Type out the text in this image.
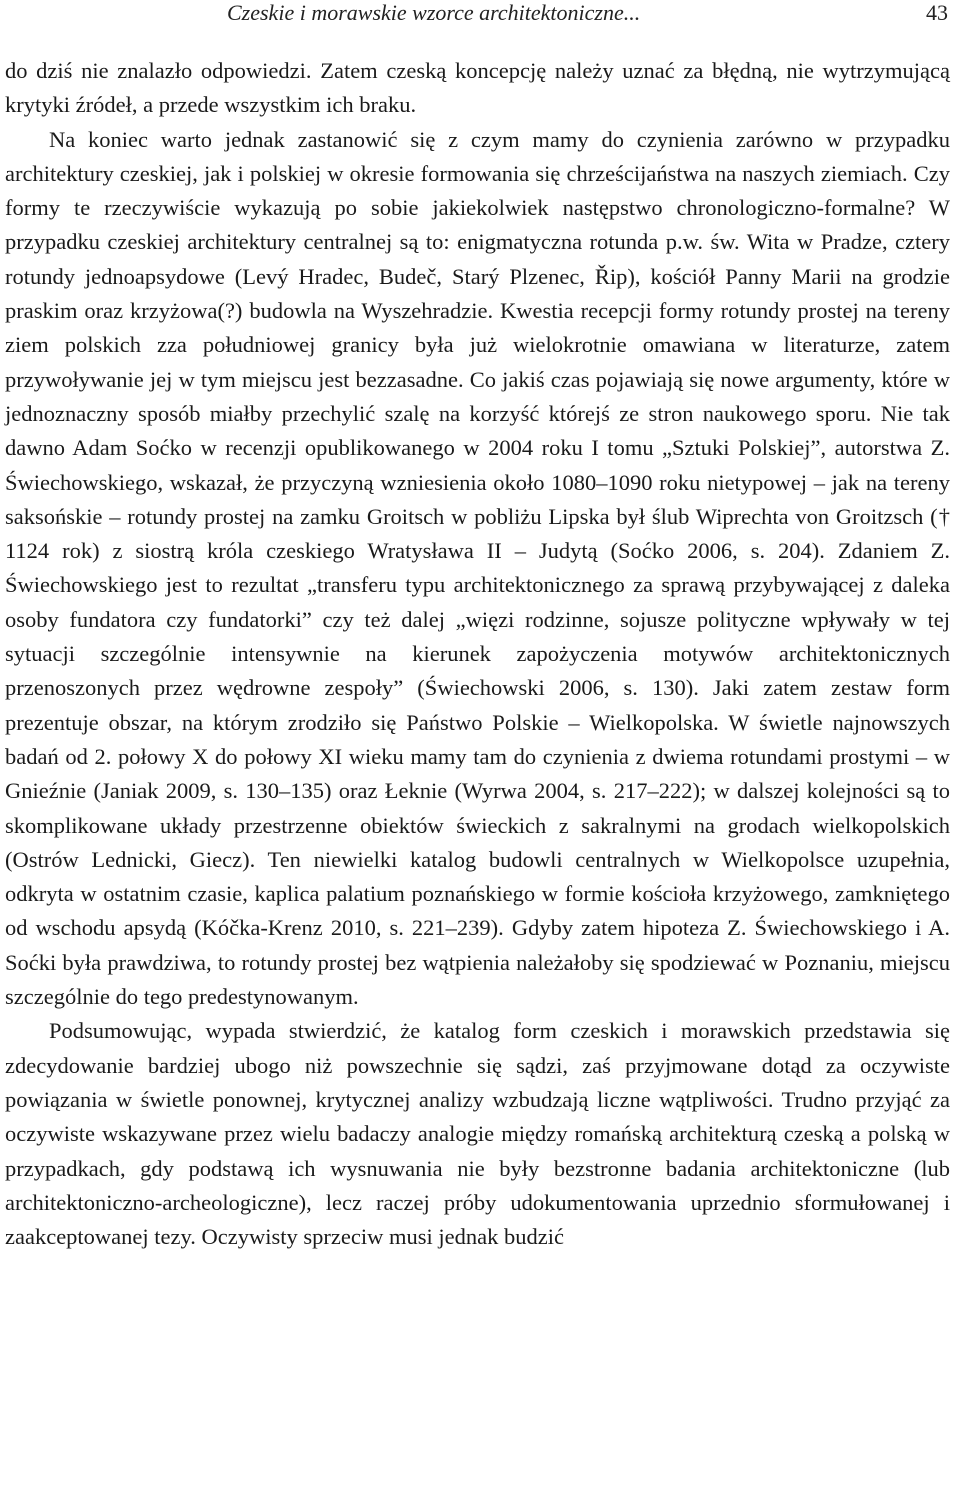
Czeskie i morawskie wzorce architektoniczne...	43

do dziś nie znalazło odpowiedzi. Zatem czeską koncepcję należy uznać za błędną, nie wytrzymującą krytyki źródeł, a przede wszystkim ich braku.

Na koniec warto jednak zastanowić się z czym mamy do czynienia zarówno w przypadku architektury czeskiej, jak i polskiej w okresie formowania się chrześcijaństwa na naszych ziemiach. Czy formy te rzeczywiście wykazują po sobie jakiekolwiek następstwo chronologiczno-formalne? W przypadku czeskiej architektury centralnej są to: enigmatyczna rotunda p.w. św. Wita w Pradze, cztery rotundy jednoapsydowe (Levý Hradec, Budeč, Starý Plzenec, Řip), kościół Panny Marii na grodzie praskim oraz krzyżowa(?) budowla na Wyszehradzie. Kwestia recepcji formy rotundy prostej na tereny ziem polskich zza południowej granicy była już wielokrotnie omawiana w literaturze, zatem przywoływanie jej w tym miejscu jest bezzasadne. Co jakiś czas pojawiają się nowe argumenty, które w jednoznaczny sposób miałby przechylić szalę na korzyść którejś ze stron naukowego sporu. Nie tak dawno Adam Soćko w recenzji opublikowanego w 2004 roku I tomu „Sztuki Polskiej”, autorstwa Z. Świechowskiego, wskazał, że przyczyną wzniesienia około 1080–1090 roku nietypowej – jak na tereny saksońskie – rotundy prostej na zamku Groitsch w pobliżu Lipska był ślub Wiprechta von Groitzsch († 1124 rok) z siostrą króla czeskiego Wratysława II – Judytą (Soćko 2006, s. 204). Zdaniem Z. Świechowskiego jest to rezultat „transferu typu architektonicznego za sprawą przybywającej z daleka osoby fundatora czy fundatorki” czy też dalej „więzi rodzinne, sojusze polityczne wpływały w tej sytuacji szczególnie intensywnie na kierunek zapożyczenia motywów architektonicznych przenoszonych przez wędrowne zespoły” (Świechowski 2006, s. 130). Jaki zatem zestaw form prezentuje obszar, na którym zrodziło się Państwo Polskie – Wielkopolska. W świetle najnowszych badań od 2. połowy X do połowy XI wieku mamy tam do czynienia z dwiema rotundami prostymi – w Gnieźnie (Janiak 2009, s. 130–135) oraz Łeknie (Wyrwa 2004, s. 217–222); w dalszej kolejności są to skomplikowane układy przestrzenne obiektów świeckich z sakralnymi na grodach wielkopolskich (Ostrów Lednicki, Giecz). Ten niewielki katalog budowli centralnych w Wielkopolsce uzupełnia, odkryta w ostatnim czasie, kaplica palatium poznańskiego w formie kościoła krzyżowego, zamkniętego od wschodu apsydą (Kóčka-Krenz 2010, s. 221–239). Gdyby zatem hipoteza Z. Świechowskiego i A. Soćki była prawdziwa, to rotundy prostej bez wątpienia należałoby się spodziewać w Poznaniu, miejscu szczególnie do tego predestynowanym.

Podsumowując, wypada stwierdzić, że katalog form czeskich i morawskich przedstawia się zdecydowanie bardziej ubogo niż powszechnie się sądzi, zaś przyjmowane dotąd za oczywiste powiązania w świetle ponownej, krytycznej analizy wzbudzają liczne wątpliwości. Trudno przyjąć za oczywiste wskazywane przez wielu badaczy analogie między romańską architekturą czeską a polską w przypadkach, gdy podstawą ich wysnuwania nie były bezstronne badania architektoniczne (lub architektoniczno-archeologiczne), lecz raczej próby udokumentowania uprzednio sformułowanej i zaakceptowanej tezy. Oczywisty sprzeciw musi jednak budzić
